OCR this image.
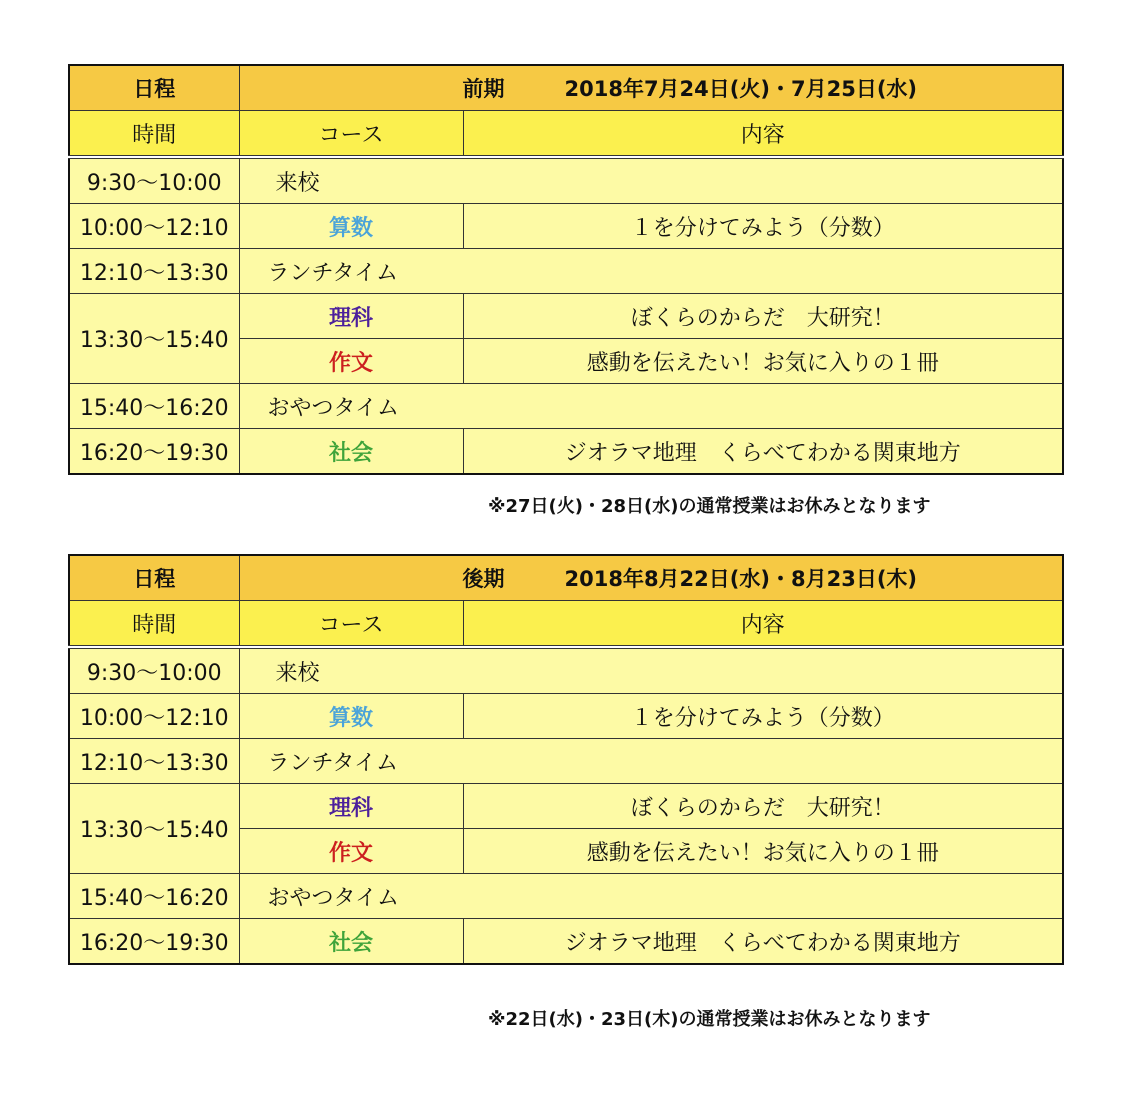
日程	前期 2018年7月24日(火)・7月25日(水)	
時間	コース	内容
9:30〜10:00	来校	
10:00〜12:10	算数	１を分けてみよう（分数）
12:10〜13:30	ランチタイム	
13:30〜15:40	理科	ぼくらのからだ　大研究！
	作文	感動を伝えたい！お気に入りの１冊
15:40〜16:20	おやつタイム	
16:20〜19:30	社会	ジオラマ地理　くらべてわかる関東地方
※27日(火)・28日(水)の通常授業はお休みとなります
日程	後期 2018年8月22日(水)・8月23日(木)	
時間	コース	内容
9:30〜10:00	来校	
10:00〜12:10	算数	１を分けてみよう（分数）
12:10〜13:30	ランチタイム	
13:30〜15:40	理科	ぼくらのからだ　大研究！
	作文	感動を伝えたい！お気に入りの１冊
15:40〜16:20	おやつタイム	
16:20〜19:30	社会	ジオラマ地理　くらべてわかる関東地方
※22日(水)・23日(木)の通常授業はお休みとなります
